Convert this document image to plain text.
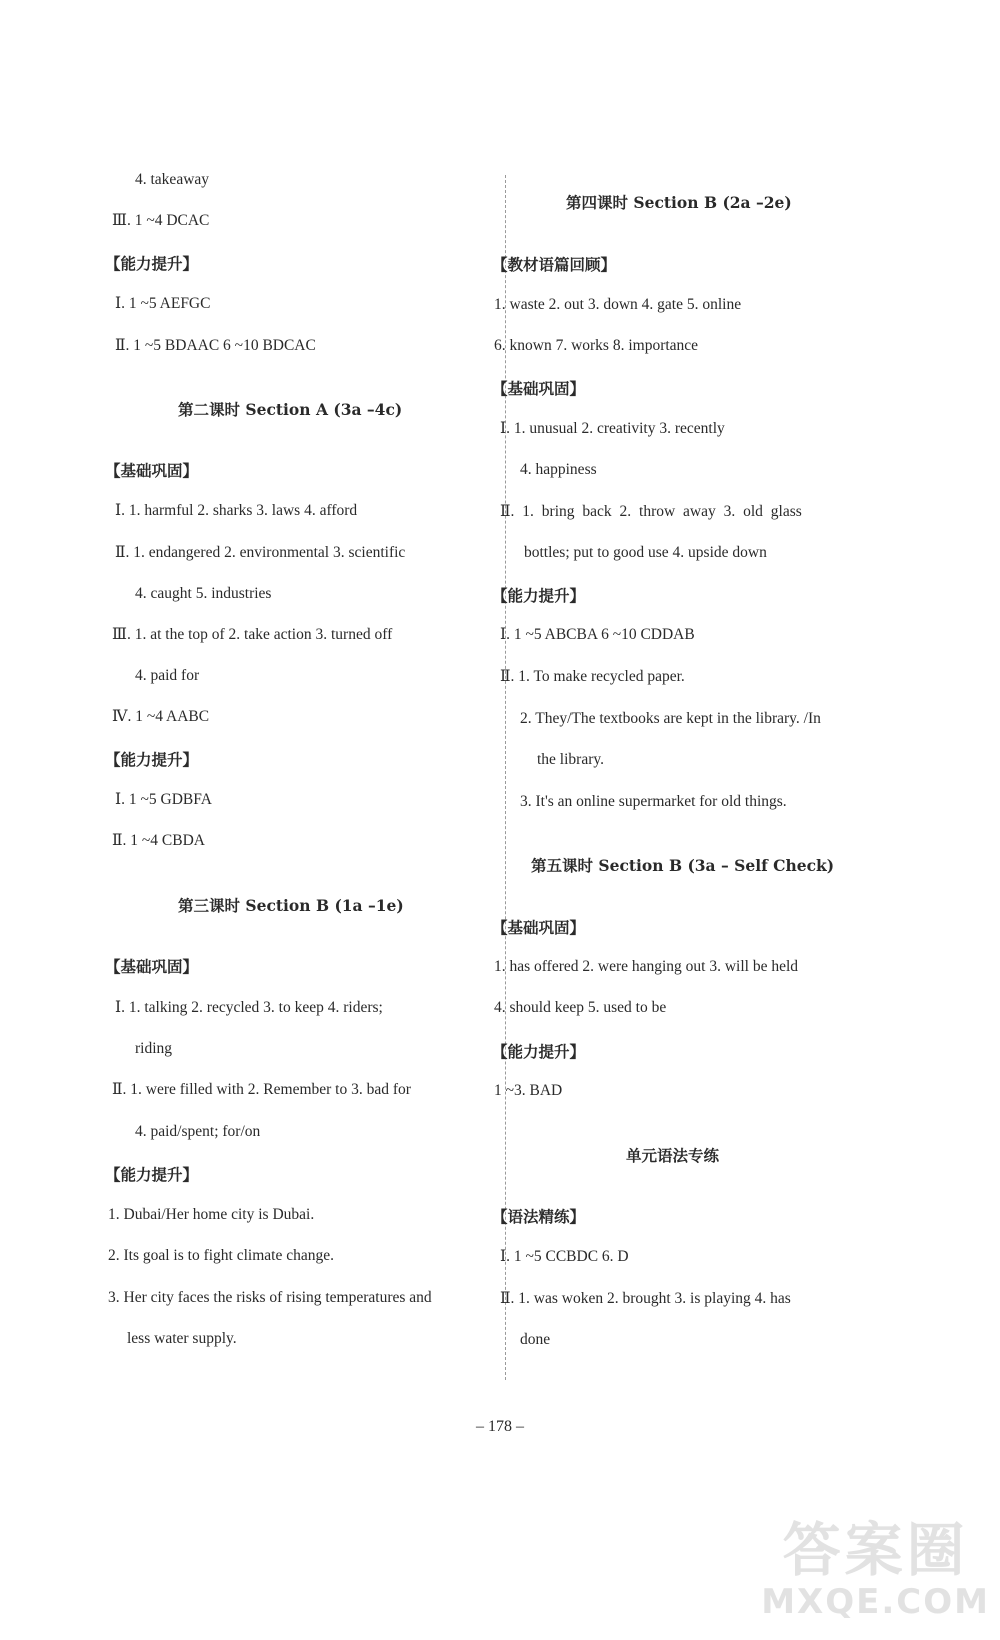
4. takeaway
Ⅲ. 1 ~4 DCAC
【能力提升】
Ⅰ. 1 ~5 AEFGC
Ⅱ. 1 ~5 BDAAC 6 ~10 BDCAC
第二课时 Section A (3a –4c)
【基础巩固】
Ⅰ. 1. harmful 2. sharks 3. laws 4. afford
Ⅱ. 1. endangered 2. environmental 3. scientific
4. caught 5. industries
Ⅲ. 1. at the top of 2. take action 3. turned off
4. paid for
Ⅳ. 1 ~4 AABC
【能力提升】
Ⅰ. 1 ~5 GDBFA
Ⅱ. 1 ~4 CBDA
第三课时 Section B (1a –1e)
【基础巩固】
Ⅰ. 1. talking 2. recycled 3. to keep 4. riders;
riding
Ⅱ. 1. were filled with 2. Remember to 3. bad for
4. paid/spent; for/on
【能力提升】
1. Dubai/Her home city is Dubai.
2. Its goal is to fight climate change.
3. Her city faces the risks of rising temperatures and
less water supply.
第四课时 Section B (2a –2e)
【教材语篇回顾】
1. waste 2. out 3. down 4. gate 5. online
6. known 7. works 8. importance
【基础巩固】
Ⅰ. 1. unusual 2. creativity 3. recently
4. happiness
Ⅱ. 1. bring back 2. throw away 3. old glass
bottles; put to good use 4. upside down
【能力提升】
Ⅰ. 1 ~5 ABCBA 6 ~10 CDDAB
Ⅱ. 1. To make recycled paper.
2. They/The textbooks are kept in the library. /In
the library.
3. It's an online supermarket for old things.
第五课时 Section B (3a – Self Check)
【基础巩固】
1. has offered 2. were hanging out 3. will be held
4. should keep 5. used to be
【能力提升】
1 ~3. BAD
单元语法专练
【语法精练】
Ⅰ. 1 ~5 CCBDC 6. D
Ⅱ. 1. was woken 2. brought 3. is playing 4. has
done
– 178 –
答案圈
MXQE.COM
